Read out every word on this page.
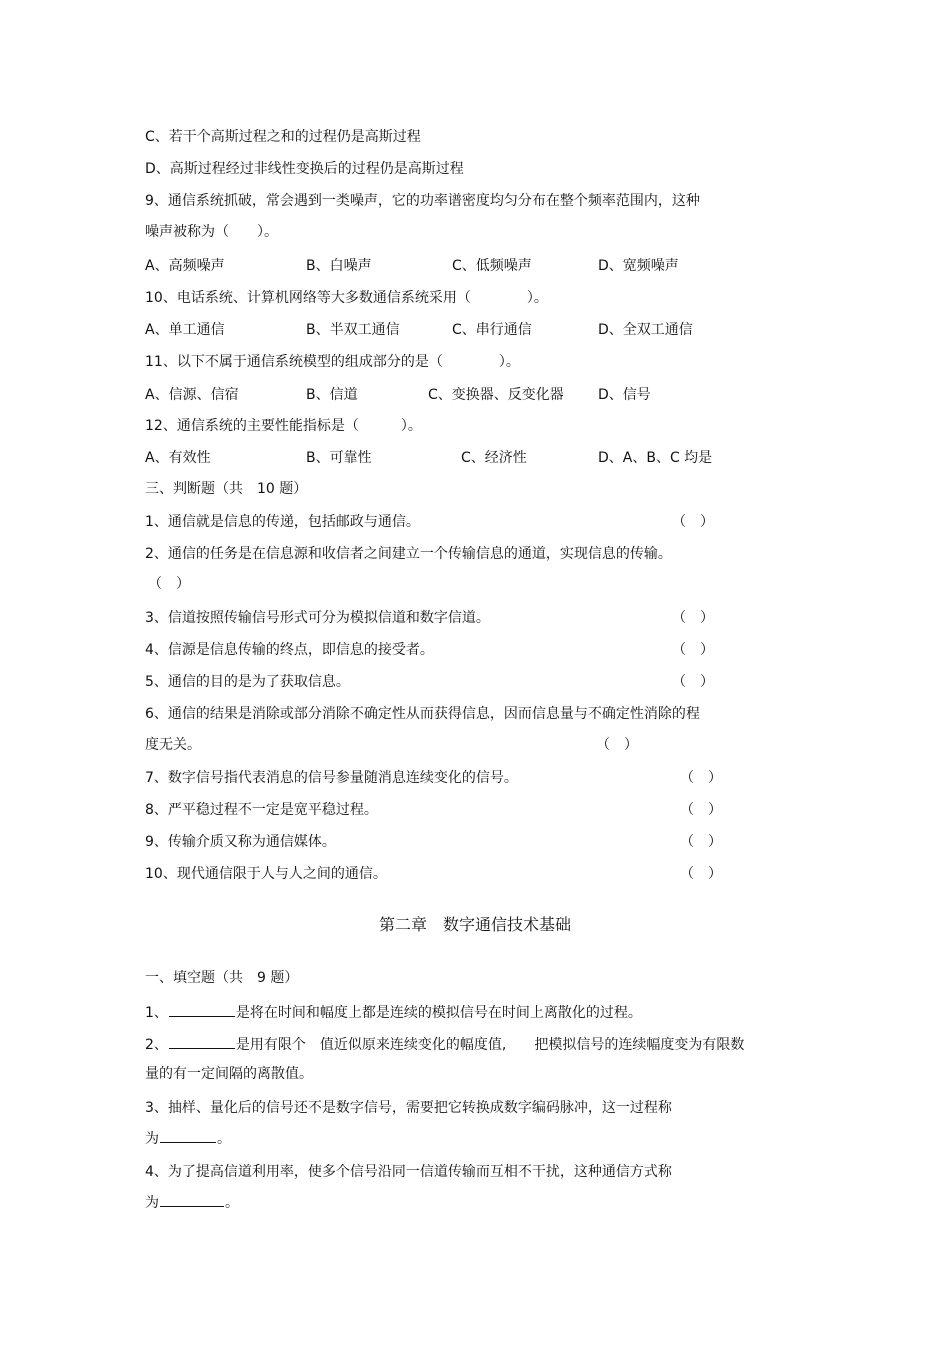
C、若干个高斯过程之和的过程仍是高斯过程
D、高斯过程经过非线性变换后的过程仍是高斯过程
9、通信系统抓破，常会遇到一类噪声，它的功率谱密度均匀分布在整个频率范围内，这种
噪声被称为（　　）。
A、高频噪声	B、白噪声	C、低频噪声	D、宽频噪声
10、电话系统、计算机网络等大多数通信系统采用（　　　　）。
A、单工通信	B、半双工通信	C、串行通信	D、全双工通信
11、以下不属于通信系统模型的组成部分的是（　　　　）。
A、信源、信宿	B、信道	C、变换器、反变化器 D、信号
12、通信系统的主要性能指标是（　　　）。
A、有效性	B、可靠性	C、经济性	D、A、B、C 均是
三、判断题（共　10 题）
1、通信就是信息的传递，包括邮政与通信。	（　）
2、通信的任务是在信息源和收信者之间建立一个传输信息的通道，实现信息的传输。
（　）
3、信道按照传输信号形式可分为模拟信道和数字信道。	（　）
4、信源是信息传输的终点，即信息的接受者。	（　）
5、通信的目的是为了获取信息。	（　）
6、通信的结果是消除或部分消除不确定性从而获得信息，因而信息量与不确定性消除的程
度无关。	（　）
7、数字信号指代表消息的信号参量随消息连续变化的信号。	（　）
8、严平稳过程不一定是宽平稳过程。	（　）
9、传输介质又称为通信媒体。	（　）
10、现代通信限于人与人之间的通信。	（　）
第二章　数字通信技术基础
一、填空题（共　9 题）
1、	是将在时间和幅度上都是连续的模拟信号在时间上离散化的过程。
2、	是用有限个　值近似原来连续变化的幅度值,　　把模拟信号的连续幅度变为有限数
量的有一定间隔的离散值。
3、抽样、量化后的信号还不是数字信号，需要把它转换成数字编码脉冲，这一过程称
为	。
4、为了提高信道利用率，使多个信号沿同一信道传输而互相不干扰，这种通信方式称
为	。
